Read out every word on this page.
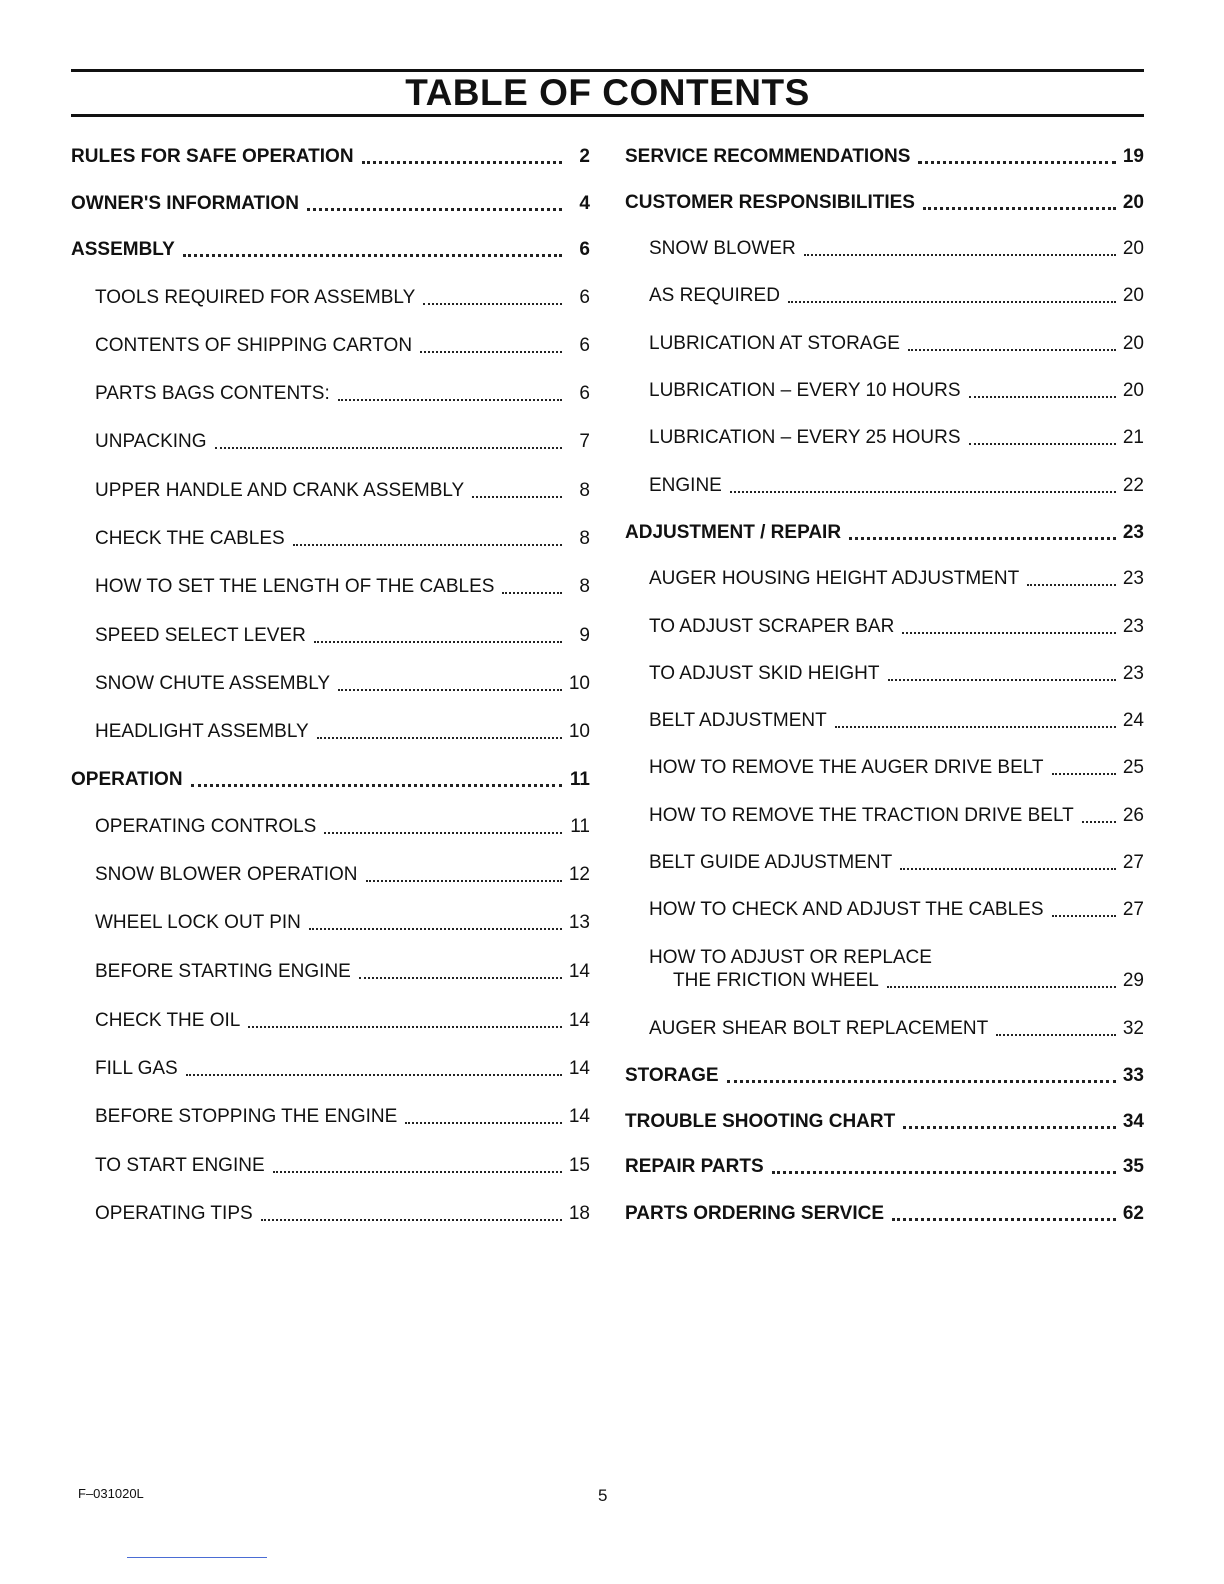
TABLE OF CONTENTS
RULES FOR SAFE OPERATION	2
OWNER'S INFORMATION	4
ASSEMBLY	6
TOOLS REQUIRED FOR ASSEMBLY	6
CONTENTS OF SHIPPING CARTON	6
PARTS BAGS CONTENTS:	6
UNPACKING	7
UPPER HANDLE AND CRANK ASSEMBLY	8
CHECK THE CABLES	8
HOW TO SET THE LENGTH OF THE CABLES	8
SPEED SELECT LEVER	9
SNOW CHUTE ASSEMBLY	10
HEADLIGHT ASSEMBLY	10
OPERATION	11
OPERATING CONTROLS	11
SNOW BLOWER OPERATION	12
WHEEL LOCK OUT PIN	13
BEFORE STARTING ENGINE	14
CHECK THE OIL	14
FILL GAS	14
BEFORE STOPPING THE ENGINE	14
TO START ENGINE	15
OPERATING TIPS	18
SERVICE RECOMMENDATIONS	19
CUSTOMER RESPONSIBILITIES	20
SNOW BLOWER	20
AS REQUIRED	20
LUBRICATION AT STORAGE	20
LUBRICATION – EVERY 10 HOURS	20
LUBRICATION – EVERY 25 HOURS	21
ENGINE	22
ADJUSTMENT / REPAIR	23
AUGER HOUSING HEIGHT ADJUSTMENT	23
TO ADJUST SCRAPER BAR	23
TO ADJUST SKID HEIGHT	23
BELT ADJUSTMENT	24
HOW TO REMOVE THE AUGER DRIVE BELT	25
HOW TO REMOVE THE TRACTION DRIVE BELT	26
BELT GUIDE ADJUSTMENT	27
HOW TO CHECK AND ADJUST THE CABLES	27
HOW TO ADJUST OR REPLACE
THE FRICTION WHEEL	29
AUGER SHEAR BOLT REPLACEMENT	32
STORAGE	33
TROUBLE SHOOTING CHART	34
REPAIR PARTS	35
PARTS ORDERING SERVICE	62
F–031020L	5
